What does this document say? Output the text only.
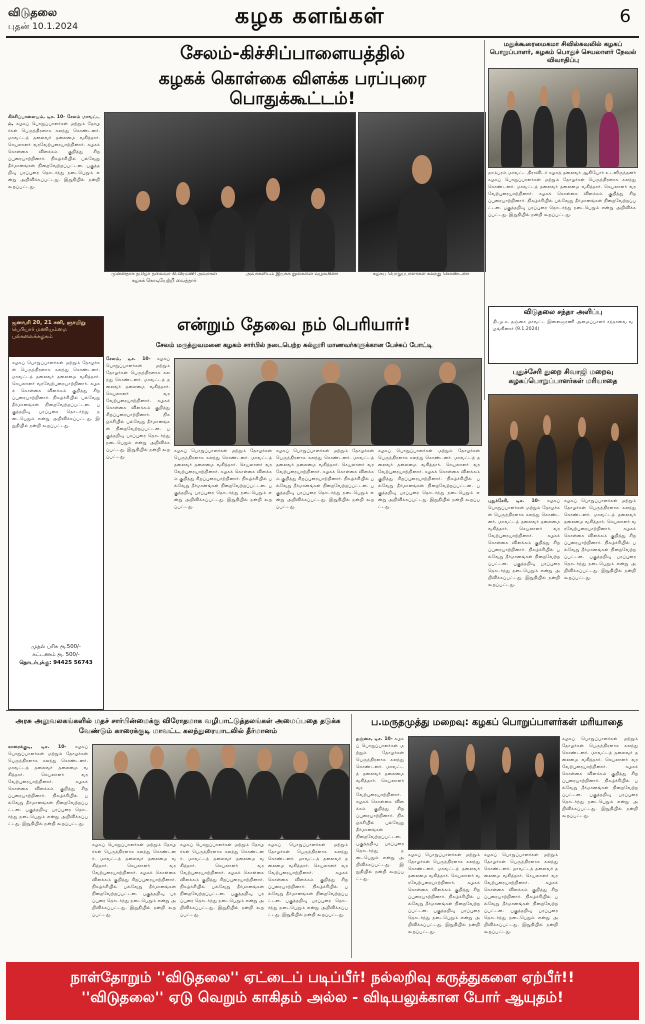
விடுதலை
புதன் 10.1.2024	கழக களங்கள்	6
சேலம்-கிச்சிப்பாளையத்தில்
கழகக் கொள்கை விளக்க பரப்புரை பொதுக்கூட்டம்!
கிச்சிப்பாளையம், டிச. 10- சேலம் மாவட்டம், கழகப் பொறுப்பாளர்கள் மற்றும் தோழர்கள் பெருந்திரளாக கலந்து கொண்டனர். மாவட்டத் தலைவர் தலைமை வகித்தார். செயலாளர் வரவேற்புரையாற்றினார். கழகக் கொள்கை விளக்கம் குறித்து சிறப்புரையாற்றினார். நிகழ்ச்சியில் பல்வேறு தீர்மானங்கள் நிறைவேற்றப்பட்டன. பகுத்தறிவு பரப்புரை தொடர்ந்து நடைபெறும் என்று அறிவிக்கப்பட்டது. இறுதியில் நன்றி கூறப்பட்டது.
முன்னதாக தமிழர் தலைவர் கி.வீரமணி அவர்கள் கழகக் கொடியேற்றி வைத்தார்
அவர்களிடம் இயக்க நூல்களை வழங்கினர்	கழகப் பொறுப்பாளர்கள் கலந்து கொண்டனர்
மதுக்கூரைமைகமா சிவில்கவலில் கழகப் பொறுப்பாளர், கழகம் பொதுச் செயலாளர் நேவல் விவாதிப்பு
தாம்பரம் மாவட்ட திராவிடர் கழகத் தலைவர் ஆகியோர் உடனிருந்தனர் கழகப் பொறுப்பாளர்கள் மற்றும் தோழர்கள் பெருந்திரளாக கலந்து கொண்டனர். மாவட்டத் தலைவர் தலைமை வகித்தார். செயலாளர் வரவேற்புரையாற்றினார். கழகக் கொள்கை விளக்கம் குறித்து சிறப்புரையாற்றினார். நிகழ்ச்சியில் பல்வேறு தீர்மானங்கள் நிறைவேற்றப்பட்டன. பகுத்தறிவு பரப்புரை தொடர்ந்து நடைபெறும் என்று அறிவிக்கப்பட்டது. இறுதியில் நன்றி கூறப்பட்டது.
விடுதலை சந்தா அளிப்பு
தி.மு.க. தஞ்சை மாவட்ட இளைஞரணி அமைப்பாளர் சந்தாவை வழங்கினார் (9.1.2024)
ஜனவரி 20, 21 சனி, ஞாயிறு
பெரியார் மணியம்மை பல்கலைக்கழகம்
கழகப் பொறுப்பாளர்கள் மற்றும் தோழர்கள் பெருந்திரளாக கலந்து கொண்டனர். மாவட்டத் தலைவர் தலைமை வகித்தார். செயலாளர் வரவேற்புரையாற்றினார். கழகக் கொள்கை விளக்கம் குறித்து சிறப்புரையாற்றினார். நிகழ்ச்சியில் பல்வேறு தீர்மானங்கள் நிறைவேற்றப்பட்டன. பகுத்தறிவு பரப்புரை தொடர்ந்து நடைபெறும் என்று அறிவிக்கப்பட்டது. இறுதியில் நன்றி கூறப்பட்டது.
முதல் பரிசு ரூ.500/-
கட்டணம் ரூ. 500/-
தொடர்புக்கு: 94425 56743
என்றும் தேவை நம் பெரியார்!
சேலம் மருத்துவமனை கழகம் சார்பில் நடைபெற்ற கல்லூரி மாணவர்களுக்கான பேச்சுப் போட்டி
சேலம், டிச. 10- கழகப் பொறுப்பாளர்கள் மற்றும் தோழர்கள் பெருந்திரளாக கலந்து கொண்டனர். மாவட்டத் தலைவர் தலைமை வகித்தார். செயலாளர் வரவேற்புரையாற்றினார். கழகக் கொள்கை விளக்கம் குறித்து சிறப்புரையாற்றினார். நிகழ்ச்சியில் பல்வேறு தீர்மானங்கள் நிறைவேற்றப்பட்டன. பகுத்தறிவு பரப்புரை தொடர்ந்து நடைபெறும் என்று அறிவிக்கப்பட்டது. இறுதியில் நன்றி கூறப்பட்டது.
கழகப் பொறுப்பாளர்கள் மற்றும் தோழர்கள் பெருந்திரளாக கலந்து கொண்டனர். மாவட்டத் தலைவர் தலைமை வகித்தார். செயலாளர் வரவேற்புரையாற்றினார். கழகக் கொள்கை விளக்கம் குறித்து சிறப்புரையாற்றினார். நிகழ்ச்சியில் பல்வேறு தீர்மானங்கள் நிறைவேற்றப்பட்டன. பகுத்தறிவு பரப்புரை தொடர்ந்து நடைபெறும் என்று அறிவிக்கப்பட்டது. இறுதியில் நன்றி கூறப்பட்டது.
கழகப் பொறுப்பாளர்கள் மற்றும் தோழர்கள் பெருந்திரளாக கலந்து கொண்டனர். மாவட்டத் தலைவர் தலைமை வகித்தார். செயலாளர் வரவேற்புரையாற்றினார். கழகக் கொள்கை விளக்கம் குறித்து சிறப்புரையாற்றினார். நிகழ்ச்சியில் பல்வேறு தீர்மானங்கள் நிறைவேற்றப்பட்டன. பகுத்தறிவு பரப்புரை தொடர்ந்து நடைபெறும் என்று அறிவிக்கப்பட்டது. இறுதியில் நன்றி கூறப்பட்டது.
கழகப் பொறுப்பாளர்கள் மற்றும் தோழர்கள் பெருந்திரளாக கலந்து கொண்டனர். மாவட்டத் தலைவர் தலைமை வகித்தார். செயலாளர் வரவேற்புரையாற்றினார். கழகக் கொள்கை விளக்கம் குறித்து சிறப்புரையாற்றினார். நிகழ்ச்சியில் பல்வேறு தீர்மானங்கள் நிறைவேற்றப்பட்டன. பகுத்தறிவு பரப்புரை தொடர்ந்து நடைபெறும் என்று அறிவிக்கப்பட்டது. இறுதியில் நன்றி கூறப்பட்டது.
புதுச்சேரி துறை சிவாஜி மறைவு கழகப்பொறுப்பாளர்கள் மரியாதை
புதுச்சேரி, டிச. 10- கழகப் பொறுப்பாளர்கள் மற்றும் தோழர்கள் பெருந்திரளாக கலந்து கொண்டனர். மாவட்டத் தலைவர் தலைமை வகித்தார். செயலாளர் வரவேற்புரையாற்றினார். கழகக் கொள்கை விளக்கம் குறித்து சிறப்புரையாற்றினார். நிகழ்ச்சியில் பல்வேறு தீர்மானங்கள் நிறைவேற்றப்பட்டன. பகுத்தறிவு பரப்புரை தொடர்ந்து நடைபெறும் என்று அறிவிக்கப்பட்டது. இறுதியில் நன்றி கூறப்பட்டது.
கழகப் பொறுப்பாளர்கள் மற்றும் தோழர்கள் பெருந்திரளாக கலந்து கொண்டனர். மாவட்டத் தலைவர் தலைமை வகித்தார். செயலாளர் வரவேற்புரையாற்றினார். கழகக் கொள்கை விளக்கம் குறித்து சிறப்புரையாற்றினார். நிகழ்ச்சியில் பல்வேறு தீர்மானங்கள் நிறைவேற்றப்பட்டன. பகுத்தறிவு பரப்புரை தொடர்ந்து நடைபெறும் என்று அறிவிக்கப்பட்டது. இறுதியில் நன்றி கூறப்பட்டது.
அரசு அலுவலகங்களில் மதச் சார்பின்மைக்கு விரோதமாக வழிபாட்டுத்தலங்கள் அமைப்பதை தடுக்க வேண்டும் காரைக்குடி மாவட்ட கலந்துரையாடலில் தீர்மானம்
காரைக்குடி, டிச. 10- கழகப் பொறுப்பாளர்கள் மற்றும் தோழர்கள் பெருந்திரளாக கலந்து கொண்டனர். மாவட்டத் தலைவர் தலைமை வகித்தார். செயலாளர் வரவேற்புரையாற்றினார். கழகக் கொள்கை விளக்கம் குறித்து சிறப்புரையாற்றினார். நிகழ்ச்சியில் பல்வேறு தீர்மானங்கள் நிறைவேற்றப்பட்டன. பகுத்தறிவு பரப்புரை தொடர்ந்து நடைபெறும் என்று அறிவிக்கப்பட்டது. இறுதியில் நன்றி கூறப்பட்டது.
கழகப் பொறுப்பாளர்கள் மற்றும் தோழர்கள் பெருந்திரளாக கலந்து கொண்டனர். மாவட்டத் தலைவர் தலைமை வகித்தார். செயலாளர் வரவேற்புரையாற்றினார். கழகக் கொள்கை விளக்கம் குறித்து சிறப்புரையாற்றினார். நிகழ்ச்சியில் பல்வேறு தீர்மானங்கள் நிறைவேற்றப்பட்டன. பகுத்தறிவு பரப்புரை தொடர்ந்து நடைபெறும் என்று அறிவிக்கப்பட்டது. இறுதியில் நன்றி கூறப்பட்டது.
கழகப் பொறுப்பாளர்கள் மற்றும் தோழர்கள் பெருந்திரளாக கலந்து கொண்டனர். மாவட்டத் தலைவர் தலைமை வகித்தார். செயலாளர் வரவேற்புரையாற்றினார். கழகக் கொள்கை விளக்கம் குறித்து சிறப்புரையாற்றினார். நிகழ்ச்சியில் பல்வேறு தீர்மானங்கள் நிறைவேற்றப்பட்டன. பகுத்தறிவு பரப்புரை தொடர்ந்து நடைபெறும் என்று அறிவிக்கப்பட்டது. இறுதியில் நன்றி கூறப்பட்டது.
கழகப் பொறுப்பாளர்கள் மற்றும் தோழர்கள் பெருந்திரளாக கலந்து கொண்டனர். மாவட்டத் தலைவர் தலைமை வகித்தார். செயலாளர் வரவேற்புரையாற்றினார். கழகக் கொள்கை விளக்கம் குறித்து சிறப்புரையாற்றினார். நிகழ்ச்சியில் பல்வேறு தீர்மானங்கள் நிறைவேற்றப்பட்டன. பகுத்தறிவு பரப்புரை தொடர்ந்து நடைபெறும் என்று அறிவிக்கப்பட்டது. இறுதியில் நன்றி கூறப்பட்டது.
ப.மருதமுத்து மறைவு: கழகப் பொறுப்பாளர்கள் மரியாதை
தஞ்சை, டிச. 10- கழகப் பொறுப்பாளர்கள் மற்றும் தோழர்கள் பெருந்திரளாக கலந்து கொண்டனர். மாவட்டத் தலைவர் தலைமை வகித்தார். செயலாளர் வரவேற்புரையாற்றினார். கழகக் கொள்கை விளக்கம் குறித்து சிறப்புரையாற்றினார். நிகழ்ச்சியில் பல்வேறு தீர்மானங்கள் நிறைவேற்றப்பட்டன. பகுத்தறிவு பரப்புரை தொடர்ந்து நடைபெறும் என்று அறிவிக்கப்பட்டது. இறுதியில் நன்றி கூறப்பட்டது.
கழகப் பொறுப்பாளர்கள் மற்றும் தோழர்கள் பெருந்திரளாக கலந்து கொண்டனர். மாவட்டத் தலைவர் தலைமை வகித்தார். செயலாளர் வரவேற்புரையாற்றினார். கழகக் கொள்கை விளக்கம் குறித்து சிறப்புரையாற்றினார். நிகழ்ச்சியில் பல்வேறு தீர்மானங்கள் நிறைவேற்றப்பட்டன. பகுத்தறிவு பரப்புரை தொடர்ந்து நடைபெறும் என்று அறிவிக்கப்பட்டது. இறுதியில் நன்றி கூறப்பட்டது.
கழகப் பொறுப்பாளர்கள் மற்றும் தோழர்கள் பெருந்திரளாக கலந்து கொண்டனர். மாவட்டத் தலைவர் தலைமை வகித்தார். செயலாளர் வரவேற்புரையாற்றினார். கழகக் கொள்கை விளக்கம் குறித்து சிறப்புரையாற்றினார். நிகழ்ச்சியில் பல்வேறு தீர்மானங்கள் நிறைவேற்றப்பட்டன. பகுத்தறிவு பரப்புரை தொடர்ந்து நடைபெறும் என்று அறிவிக்கப்பட்டது. இறுதியில் நன்றி கூறப்பட்டது.
கழகப் பொறுப்பாளர்கள் மற்றும் தோழர்கள் பெருந்திரளாக கலந்து கொண்டனர். மாவட்டத் தலைவர் தலைமை வகித்தார். செயலாளர் வரவேற்புரையாற்றினார். கழகக் கொள்கை விளக்கம் குறித்து சிறப்புரையாற்றினார். நிகழ்ச்சியில் பல்வேறு தீர்மானங்கள் நிறைவேற்றப்பட்டன. பகுத்தறிவு பரப்புரை தொடர்ந்து நடைபெறும் என்று அறிவிக்கப்பட்டது. இறுதியில் நன்றி கூறப்பட்டது.
நாள்தோறும் ''விடுதலை'' ஏட்டைப் படிப்பீர்! நல்லறிவு கருத்துகளை ஏற்பீர்!!
''விடுதலை'' ஏடு வெறும் காகிதம் அல்ல - விடியலுக்கான போர் ஆயுதம்!
